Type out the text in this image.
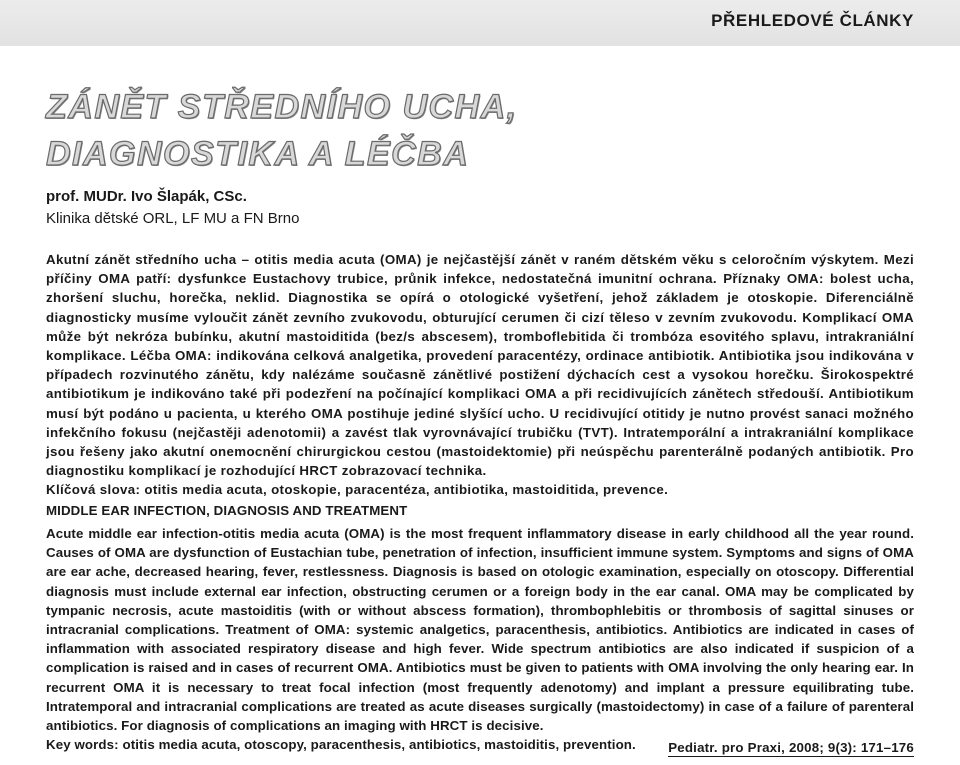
PŘEHLEDOVÉ ČLÁNKY
ZÁNĚT STŘEDNÍHO UCHA,
DIAGNOSTIKA A LÉČBA
prof. MUDr. Ivo Šlapák, CSc.
Klinika dětské ORL, LF MU a FN Brno

Akutní zánět středního ucha – otitis media acuta (OMA) je nejčastější zánět v raném dětském věku s celoročním výskytem. Mezi příčiny OMA patří: dysfunkce Eustachovy trubice, průnik infekce, nedostatečná imunitní ochrana. Příznaky OMA: bolest ucha, zhoršení sluchu, horečka, neklid. Diagnostika se opírá o otologické vyšetření, jehož základem je otoskopie. Diferenciálně diagnosticky musíme vyloučit zánět zevního zvukovodu, obturující cerumen či cizí těleso v zevním zvukovodu. Komplikací OMA může být nekróza bubínku, akutní mastoiditida (bez/s abscesem), tromboflebitida či trombóza esovitého splavu, intrakraniální komplikace. Léčba OMA: indikována celková analgetika, provedení paracentézy, ordinace antibiotik. Antibiotika jsou indikována v případech rozvinutého zánětu, kdy nalézáme současně zánětlivé postižení dýchacích cest a vysokou horečku. Širokospektré antibiotikum je indikováno také při podezření na počínající komplikaci OMA a při recidivujících zánětech středouší. Antibiotikum musí být podáno u pacienta, u kterého OMA postihuje jediné slyšící ucho. U recidivující otitidy je nutno provést sanaci možného infekčního fokusu (nejčastěji adenotomii) a zavést tlak vyrovnávající trubičku (TVT). Intratemporální a intrakraniální komplikace jsou řešeny jako akutní onemocnění chirurgickou cestou (mastoidektomie) při neúspěchu parenterálně podaných antibiotik. Pro diagnostiku komplikací je rozhodující HRCT zobrazovací technika.
Klíčová slova: otitis media acuta, otoskopie, paracentéza, antibiotika, mastoiditida, prevence.

MIDDLE EAR INFECTION, DIAGNOSIS AND TREATMENT

Acute middle ear infection-otitis media acuta (OMA) is the most frequent inflammatory disease in early childhood all the year round. Causes of OMA are dysfunction of Eustachian tube, penetration of infection, insufficient immune system. Symptoms and signs of OMA are ear ache, decreased hearing, fever, restlessness. Diagnosis is based on otologic examination, especially on otoscopy. Differential diagnosis must include external ear infection, obstructing cerumen or a foreign body in the ear canal. OMA may be complicated by tympanic necrosis, acute mastoiditis (with or without abscess formation), thrombophlebitis or thrombosis of sagittal sinuses or intracranial complications. Treatment of OMA: systemic analgetics, paracenthesis, antibiotics. Antibiotics are indicated in cases of inflammation with associated respiratory disease and high fever. Wide spectrum antibiotics are also indicated if suspicion of a complication is raised and in cases of recurrent OMA. Antibiotics must be given to patients with OMA involving the only hearing ear. In recurrent OMA it is necessary to treat focal infection (most frequently adenotomy) and implant a pressure equilibrating tube. Intratemporal and intracranial complications are treated as acute diseases surgically (mastoidectomy) in case of a failure of parenteral antibiotics. For diagnosis of complications an imaging with HRCT is decisive.
Key words: otitis media acuta, otoscopy, paracenthesis, antibiotics, mastoiditis, prevention.	Pediatr. pro Praxi, 2008; 9(3): 171–176
